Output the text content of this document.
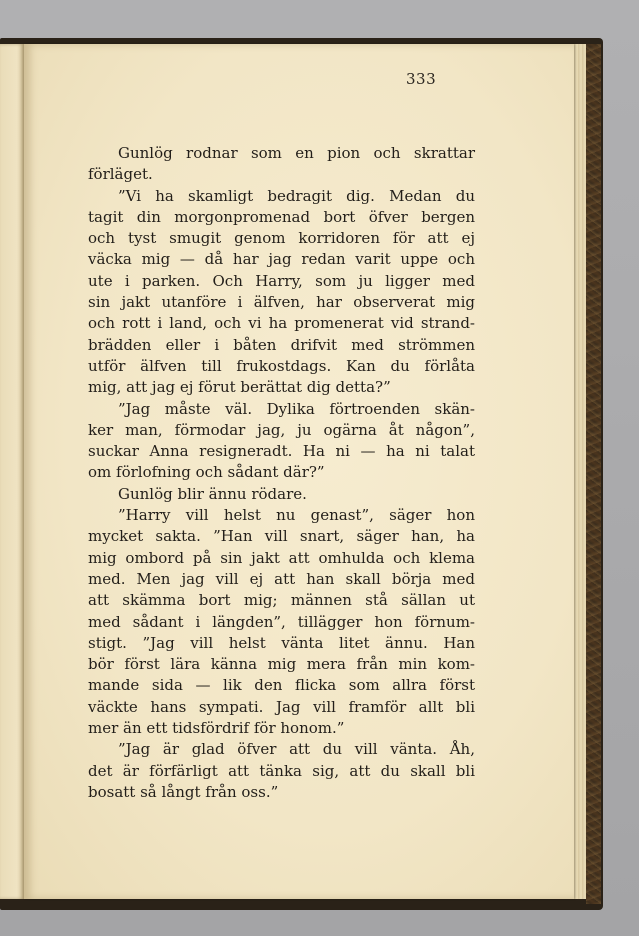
333
Gunlög rodnar som en pion och skrattar
förläget.
”Vi ha skamligt bedragit dig. Medan du
tagit din morgonpromenad bort öfver bergen
och tyst smugit genom korridoren för att ej
väcka mig — då har jag redan varit uppe och
ute i parken. Och Harry, som ju ligger med
sin jakt utanföre i älfven, har observerat mig
och rott i land, och vi ha promenerat vid strand-
brädden eller i båten drifvit med strömmen
utför älfven till frukostdags. Kan du förlåta
mig, att jag ej förut berättat dig detta?”
”Jag måste väl. Dylika förtroenden skän-
ker man, förmodar jag, ju ogärna åt någon”,
suckar Anna resigneradt. Ha ni — ha ni talat
om förlofning och sådant där?”
Gunlög blir ännu rödare.
”Harry vill helst nu genast”, säger hon
mycket sakta. ”Han vill snart, säger han, ha
mig ombord på sin jakt att omhulda och klema
med. Men jag vill ej att han skall börja med
att skämma bort mig; männen stå sällan ut
med sådant i längden”, tillägger hon förnum-
stigt. ”Jag vill helst vänta litet ännu. Han
bör först lära känna mig mera från min kom-
mande sida — lik den flicka som allra först
väckte hans sympati. Jag vill framför allt bli
mer än ett tidsfördrif för honom.”
”Jag är glad öfver att du vill vänta. Åh,
det är förfärligt att tänka sig, att du skall bli
bosatt så långt från oss.”
